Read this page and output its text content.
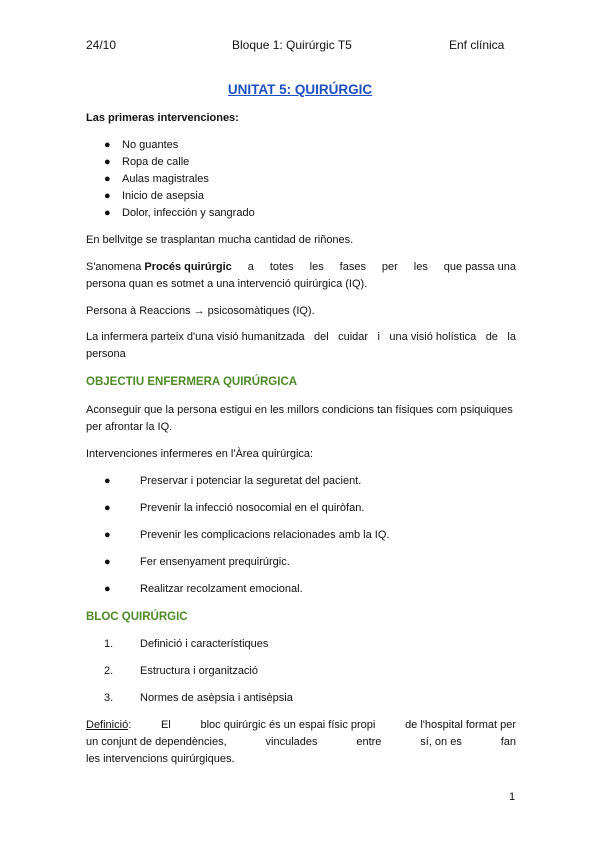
24/10	Bloque 1: Quirúrgic T5	Enf clínica
UNITAT 5: QUIRÚRGIC
Las primeras intervenciones:
● No guantes
● Ropa de calle
● Aulas magistrales
● Inicio de asepsia
● Dolor, infección y sangrado
En bellvitge se trasplantan mucha cantidad de riñones.
S'anomena Procés quirúrgic a totes les fases per les que passa una
persona quan es sotmet a una intervenció quirúrgica (IQ).
Persona à Reaccions → psicosomàtiques (IQ).
La infermera parteix d'una visió humanitzada del cuidar i una visió holística de la
persona
OBJECTIU ENFERMERA QUIRÚRGICA
Aconseguir que la persona estigui en les millors condicions tan físiques com psiquiques
per afrontar la IQ.
Intervenciones infermeres en l'Àrea quirúrgica:
●	Preservar i potenciar la seguretat del pacient.
●	Prevenir la infecció nosocomial en el quiròfan.
●	Prevenir les complicacions relacionades amb la IQ.
●	Fer ensenyament prequirúrgic.
●	Realitzar recolzament emocional.
BLOC QUIRÚRGIC
1. Definició i característiques
2. Estructura i organització
3. Normes de asèpsia i antisèpsia
Definició:	El	bloc quirúrgic és un espai físic propi	de l'hospital format per
un conjunt de dependències,	vinculades	entre	sí, on es	fan
les intervencions quirúrgiques.
1
